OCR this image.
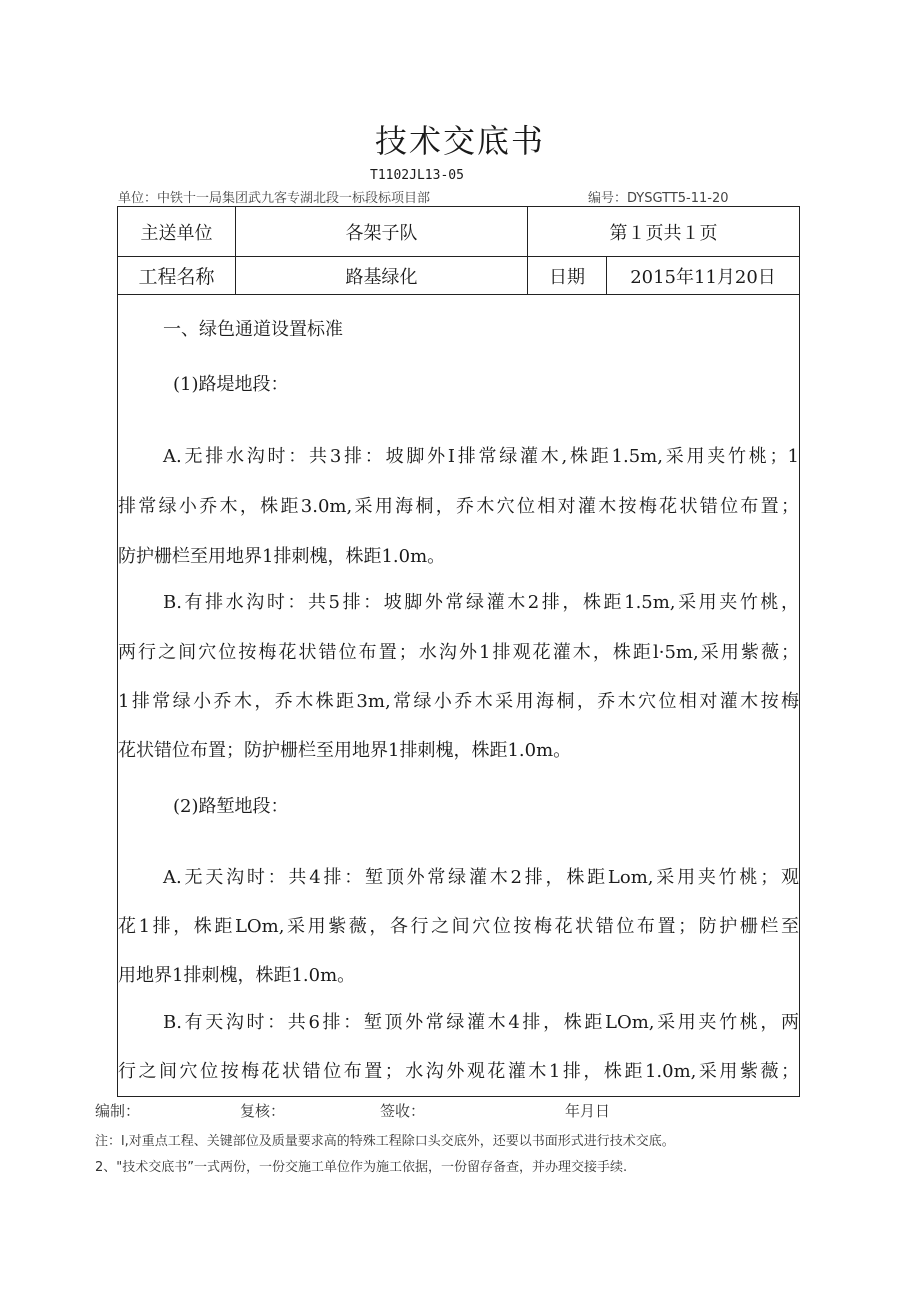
技术交底书
T1102JL13-05
单位：中铁十一局集团武九客专湖北段一标段标项目部	编号：DYSGTT5-11-20
主送单位	各架子队	第１页共１页
工程名称	路基绿化	日期	2015年11月20日
一、绿色通道设置标准
(1)路堤地段：
A.无排水沟时：共3排：坡脚外I排常绿灌木,株距1.5m,采用夹竹桃；1
排常绿小乔木，株距3.0m,采用海桐，乔木穴位相对灌木按梅花状错位布置；
防护栅栏至用地界1排刺槐，株距1.0m。
B.有排水沟时：共5排：坡脚外常绿灌木2排，株距1.5m,采用夹竹桃，
两行之间穴位按梅花状错位布置；水沟外1排观花灌木，株距l·5m,采用紫薇；
1排常绿小乔木，乔木株距3m,常绿小乔木采用海桐，乔木穴位相对灌木按梅
花状错位布置；防护栅栏至用地界1排刺槐，株距1.0m。
(2)路堑地段：
A.无天沟时：共4排：堑顶外常绿灌木2排，株距Lom,采用夹竹桃；观
花1排，株距LOm,采用紫薇，各行之间穴位按梅花状错位布置；防护栅栏至
用地界1排刺槐，株距1.0m。
B.有天沟时：共6排：堑顶外常绿灌木4排，株距LOm,采用夹竹桃，两
行之间穴位按梅花状错位布置；水沟外观花灌木1排，株距1.0m,采用紫薇；
编制：	复核：	签收：	年月日
注：l,对重点工程、关键部位及质量要求高的特殊工程除口头交底外，还要以书面形式进行技术交底。
2、"技术交底书”一式两份，一份交施工单位作为施工依据，一份留存备查，并办理交接手续.
